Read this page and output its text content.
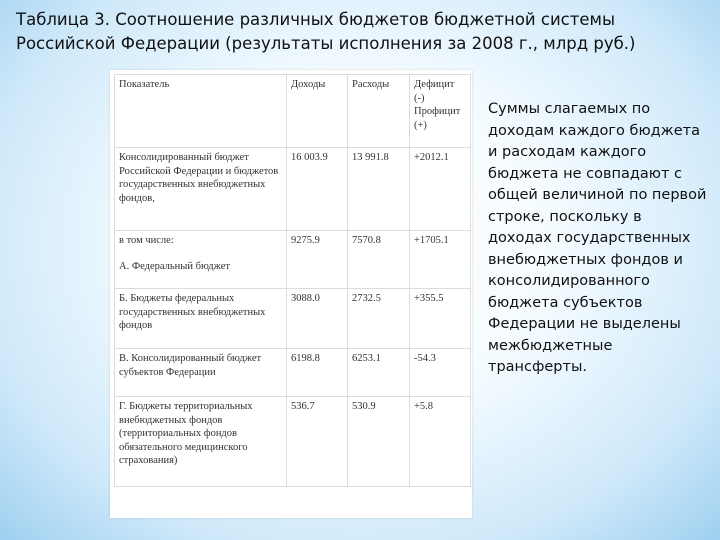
Таблица 3. Соотношение различных бюджетов бюджетной системы Российской Федерации (результаты исполнения за 2008 г., млрд руб.)
Показатель	Доходы	Расходы	Дефицит (-) Профицит (+)
Консолидированный бюджет Российской Федерации и бюджетов государственных внебюджетных фондов,	16 003.9	13 991.8	+2012.1
в том числе:
А. Федеральный бюджет	9275.9	7570.8	+1705.1
Б. Бюджеты федеральных государственных внебюджетных фондов	3088.0	2732.5	+355.5
В. Консолидированный бюджет субъектов Федерации	6198.8	6253.1	-54.3
Г. Бюджеты территориальных внебюджетных фондов (территориальных фондов обязательного медицинского страхования)	536.7	530.9	+5.8

Суммы слагаемых по доходам каждого бюджета и расходам каждого бюджета не совпадают с общей величиной по первой строке, поскольку в доходах государственных внебюджетных фондов и консолидированного бюджета субъектов Федерации не выделены межбюджетные трансферты.
